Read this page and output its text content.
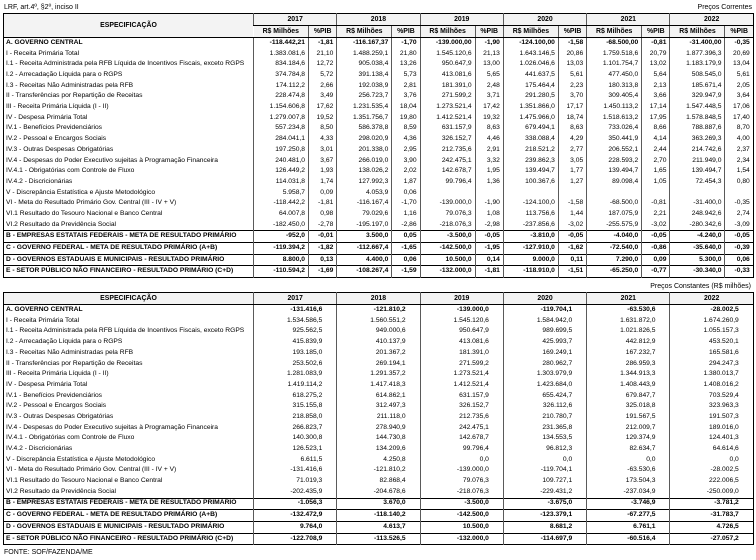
LRF, art.4º, §2º, inciso II	Preços Correntes
ESPECIFICAÇÃO	2017		2018		2019		2020		2021		2022	
	R$ Milhões	%PIB	R$ Milhões	%PIB	R$ Milhões	%PIB	R$ Milhões	%PIB	R$ Milhões	%PIB	R$ Milhões	%PIB
A. GOVERNO CENTRAL	-118.442,21	-1,81	-116.167,37	-1,70	-139.000,00	-1,90	-124.100,00	-1,58	-68.500,00	-0,81	-31.400,00	-0,35
I - Receita Primária Total	1.383.081,6	21,10	1.488.259,1	21,80	1.545.120,6	21,13	1.643.146,5	20,86	1.759.518,6	20,79	1.877.396,3	20,69
I.1 - Receita Administrada pela RFB Líquida de Incentivos Fiscais, exceto RGPS	834.184,6	12,72	905.038,4	13,26	950.647,9	13,00	1.026.046,6	13,03	1.101.754,7	13,02	1.183.179,9	13,04
I.2 - Arrecadação Líquida para o RGPS	374.784,8	5,72	391.138,4	5,73	413.081,6	5,65	441.637,5	5,61	477.450,0	5,64	508.545,0	5,61
I.3 - Receitas Não Administradas pela RFB	174.112,2	2,66	192.038,9	2,81	181.391,0	2,48	175.464,4	2,23	180.313,8	2,13	185.671,4	2,05
II - Transferências por Repartição de Receitas	228.474,8	3,49	256.723,7	3,76	271.599,2	3,71	291.280,5	3,70	309.405,4	3,66	329.947,9	3,64
III - Receita Primária Líquida (I - II)	1.154.606,8	17,62	1.231.535,4	18,04	1.273.521,4	17,42	1.351.866,0	17,17	1.450.113,2	17,14	1.547.448,5	17,06
IV - Despesa Primária Total	1.279.007,8	19,52	1.351.756,7	19,80	1.412.521,4	19,32	1.475.966,0	18,74	1.518.613,2	17,95	1.578.848,5	17,40
IV.1 - Benefícios Previdenciários	557.234,8	8,50	586.378,8	8,59	631.157,9	8,63	679.494,1	8,63	733.026,4	8,66	788.887,6	8,70
IV.2 - Pessoal e Encargos Sociais	284.041,1	4,33	298.020,9	4,36	326.152,7	4,46	338.088,4	4,29	350.441,9	4,14	363.269,3	4,00
IV.3 - Outras Despesas Obrigatórias	197.250,8	3,01	201.338,0	2,95	212.735,6	2,91	218.521,2	2,77	206.552,1	2,44	214.742,6	2,37
IV.4 - Despesas do Poder Executivo sujeitas à Programação Financeira	240.481,0	3,67	266.019,0	3,90	242.475,1	3,32	239.862,3	3,05	228.593,2	2,70	211.949,0	2,34
IV.4.1 - Obrigatórias com Controle de Fluxo	126.449,2	1,93	138.026,2	2,02	142.678,7	1,95	139.494,7	1,77	139.494,7	1,65	139.494,7	1,54
IV.4.2 - Discricionárias	114.031,8	1,74	127.992,3	1,87	99.796,4	1,36	100.367,6	1,27	89.098,4	1,05	72.454,3	0,80
V - Discrepância Estatística e Ajuste Metodológico	5.958,7	0,09	4.053,9	0,06								
VI - Meta do Resultado Primário Gov. Central (III - IV + V)	-118.442,2	-1,81	-116.167,4	-1,70	-139.000,0	-1,90	-124.100,0	-1,58	-68.500,0	-0,81	-31.400,0	-0,35
VI.1 Resultado do Tesouro Nacional e Banco Central	64.007,8	0,98	79.029,6	1,16	79.076,3	1,08	113.756,6	1,44	187.075,9	2,21	248.942,6	2,74
VI.2 Resultado da Previdência Social	-182.450,0	-2,78	-195.197,0	-2,86	-218.076,3	-2,98	-237.856,6	-3,02	-255.575,9	-3,02	-280.342,6	-3,09
B - EMPRESAS ESTATAIS FEDERAIS - META DE RESULTADO PRIMÁRIO	-952,0	-0,01	3.500,0	0,05	-3.500,0	-0,05	-3.810,0	-0,05	-4.040,0	-0,05	-4.240,0	-0,05
C - GOVERNO FEDERAL - META DE RESULTADO PRIMÁRIO (A+B)	-119.394,2	-1,82	-112.667,4	-1,65	-142.500,0	-1,95	-127.910,0	-1,62	-72.540,0	-0,86	-35.640,0	-0,39
D - GOVERNOS ESTADUAIS E MUNICIPAIS - RESULTADO PRIMÁRIO	8.800,0	0,13	4.400,0	0,06	10.500,0	0,14	9.000,0	0,11	7.290,0	0,09	5.300,0	0,06
E - SETOR PÚBLICO NÃO FINANCEIRO - RESULTADO PRIMÁRIO (C+D)	-110.594,2	-1,69	-108.267,4	-1,59	-132.000,0	-1,81	-118.910,0	-1,51	-65.250,0	-0,77	-30.340,0	-0,33
Preços Constantes (R$ milhões)
ESPECIFICAÇÃO	2017	2018	2019	2020	2021	2022
A. GOVERNO CENTRAL	-131.416,6	-121.810,2	-139.000,0	-119.704,1	-63.530,6	-28.002,5
I - Receita Primária Total	1.534.586,5	1.560.551,2	1.545.120,6	1.584.942,0	1.631.872,0	1.674.260,9
I.1 - Receita Administrada pela RFB Líquida de Incentivos Fiscais, exceto RGPS	925.562,5	949.000,6	950.647,9	989.699,5	1.021.826,5	1.055.157,3
I.2 - Arrecadação Líquida para o RGPS	415.839,9	410.137,9	413.081,6	425.993,7	442.812,9	453.520,1
I.3 - Receitas Não Administradas pela RFB	193.185,0	201.367,2	181.391,0	169.249,1	167.232,7	165.581,6
II - Transferências por Repartição de Receitas	253.502,6	269.194,1	271.599,2	280.962,7	286.959,3	294.247,3
III - Receita Primária Líquida (I - II)	1.281.083,9	1.291.357,2	1.273.521,4	1.303.979,9	1.344.913,3	1.380.013,7
IV - Despesa Primária Total	1.419.114,2	1.417.418,3	1.412.521,4	1.423.684,0	1.408.443,9	1.408.016,2
IV.1 - Benefícios Previdenciários	618.275,2	614.862,1	631.157,9	655.424,7	679.847,7	703.529,4
IV.2 - Pessoal e Encargos Sociais	315.155,8	312.497,3	326.152,7	326.112,6	325.018,8	323.963,3
IV.3 - Outras Despesas Obrigatórias	218.858,0	211.118,0	212.735,6	210.780,7	191.567,5	191.507,3
IV.4 - Despesas do Poder Executivo sujeitas à Programação Financeira	266.823,7	278.940,9	242.475,1	231.365,8	212.009,7	189.016,0
IV.4.1 - Obrigatórias com Controle de Fluxo	140.300,8	144.730,8	142.678,7	134.553,5	129.374,9	124.401,3
IV.4.2 - Discricionárias	126.523,1	134.209,6	99.796,4	96.812,3	82.634,7	64.614,6
V - Discrepância Estatística e Ajuste Metodológico	6.611,5	4.250,8	0,0	0,0	0,0	0,0
VI - Meta do Resultado Primário Gov. Central (III - IV + V)	-131.416,6	-121.810,2	-139.000,0	-119.704,1	-63.530,6	-28.002,5
VI.1 Resultado do Tesouro Nacional e Banco Central	71.019,3	82.868,4	79.076,3	109.727,1	173.504,3	222.006,5
VI.2 Resultado da Previdência Social	-202.435,9	-204.678,6	-218.076,3	-229.431,2	-237.034,9	-250.009,0
B - EMPRESAS ESTATAIS FEDERAIS - META DE RESULTADO PRIMÁRIO	-1.056,3	3.670,0	-3.500,0	-3.675,0	-3.746,9	-3.781,2
C - GOVERNO FEDERAL - META DE RESULTADO PRIMÁRIO (A+B)	-132.472,9	-118.140,2	-142.500,0	-123.379,1	-67.277,5	-31.783,7
D - GOVERNOS ESTADUAIS E MUNICIPAIS - RESULTADO PRIMÁRIO	9.764,0	4.613,7	10.500,0	8.681,2	6.761,1	4.726,5
E - SETOR PÚBLICO NÃO FINANCEIRO - RESULTADO PRIMÁRIO (C+D)	-122.708,9	-113.526,5	-132.000,0	-114.697,9	-60.516,4	-27.057,2
FONTE: SOF/FAZENDA/ME
